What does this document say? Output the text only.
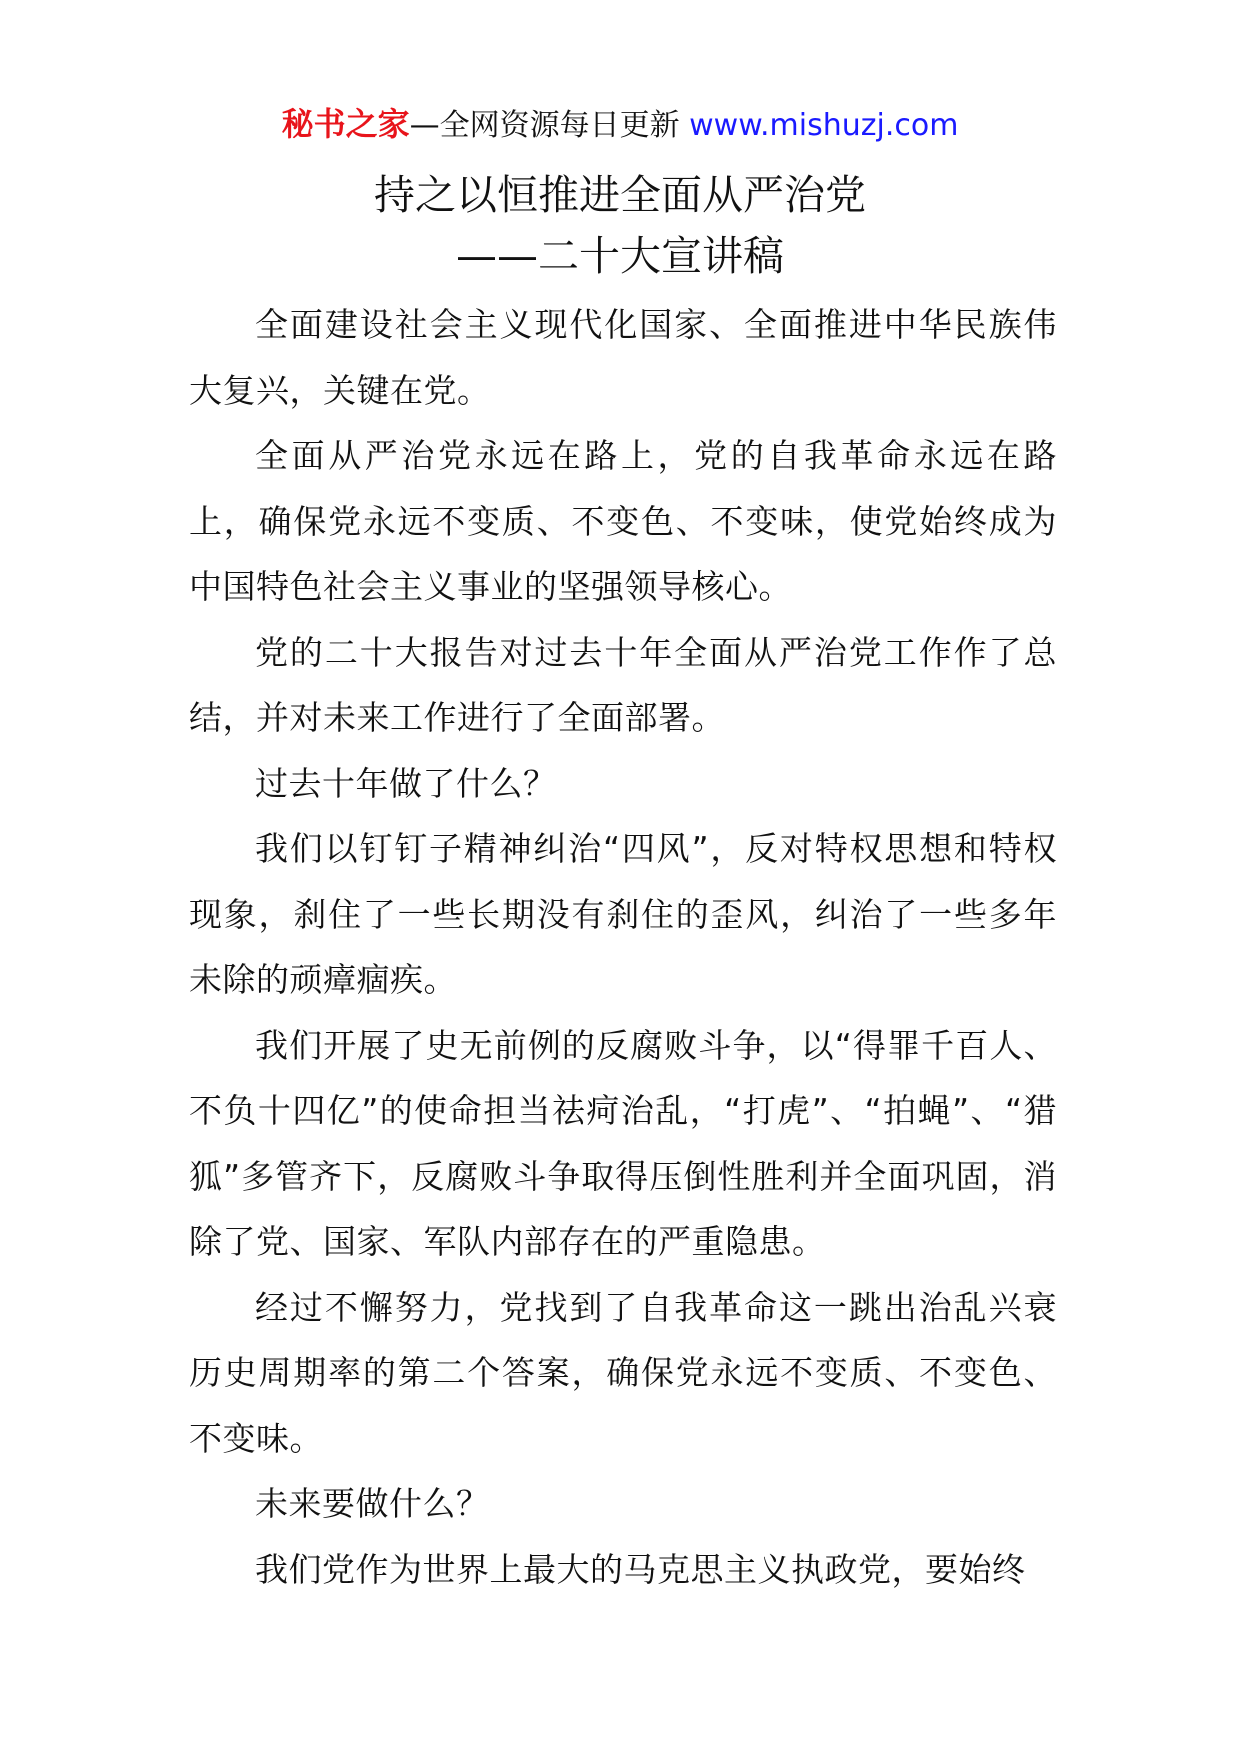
秘书之家—全网资源每日更新 www.mishuzj.com
持之以恒推进全面从严治党
——二十大宣讲稿

全面建设社会主义现代化国家、全面推进中华民族伟大复兴，关键在党。

全面从严治党永远在路上，党的自我革命永远在路上，确保党永远不变质、不变色、不变味，使党始终成为中国特色社会主义事业的坚强领导核心。

党的二十大报告对过去十年全面从严治党工作作了总结，并对未来工作进行了全面部署。

过去十年做了什么？

我们以钉钉子精神纠治“四风”，反对特权思想和特权现象，刹住了一些长期没有刹住的歪风，纠治了一些多年未除的顽瘴痼疾。

我们开展了史无前例的反腐败斗争，以“得罪千百人、不负十四亿”的使命担当祛疴治乱，“打虎”、“拍蝇”、“猎狐”多管齐下，反腐败斗争取得压倒性胜利并全面巩固，消除了党、国家、军队内部存在的严重隐患。

经过不懈努力，党找到了自我革命这一跳出治乱兴衰历史周期率的第二个答案，确保党永远不变质、不变色、不变味。

未来要做什么？

我们党作为世界上最大的马克思主义执政党，要始终
